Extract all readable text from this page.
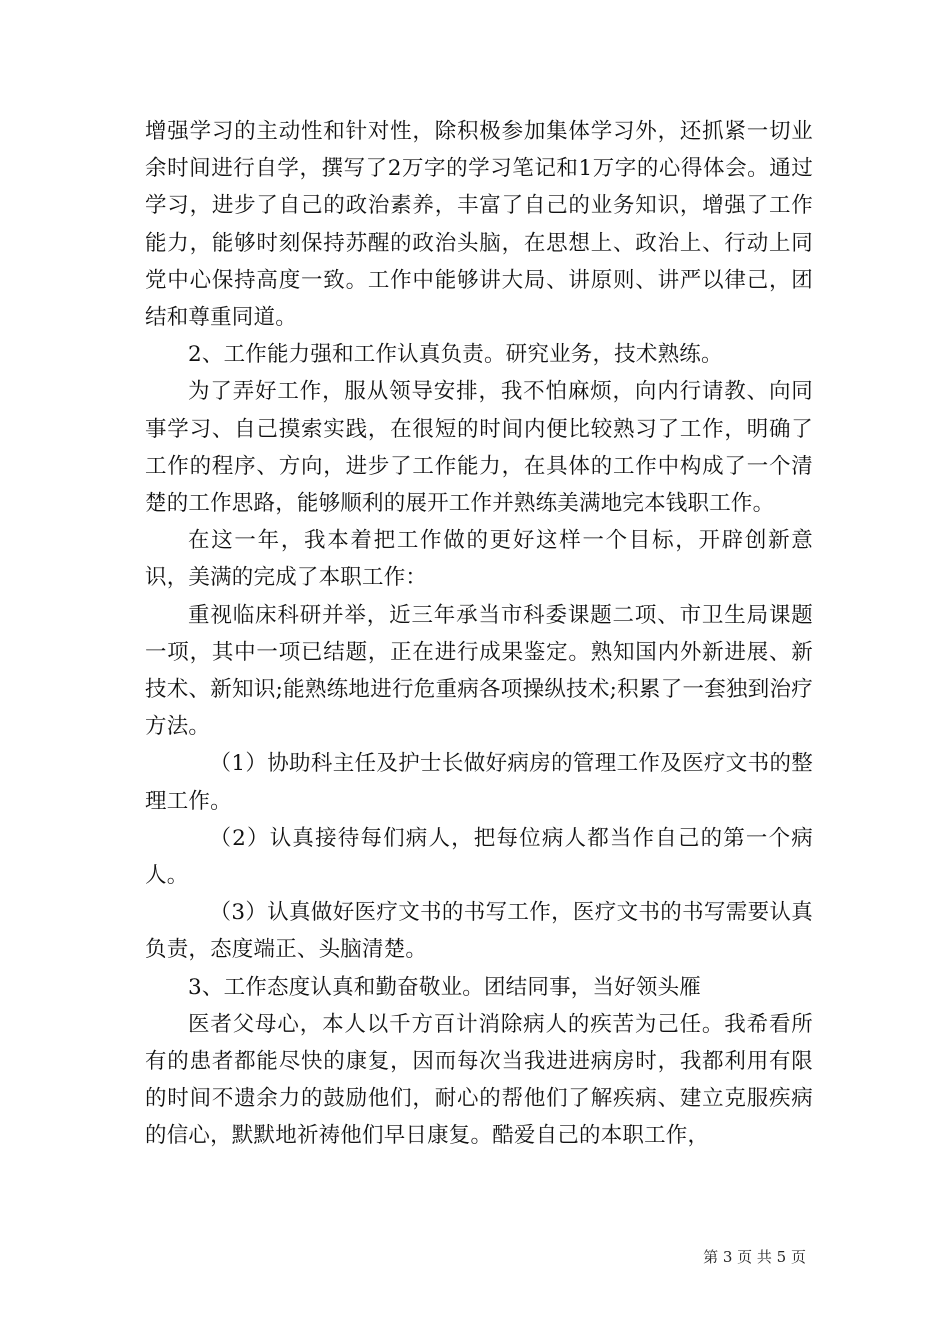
增强学习的主动性和针对性，除积极参加集体学习外，还抓紧一切业余时间进行自学，撰写了2万字的学习笔记和1万字的心得体会。通过学习，进步了自己的政治素养，丰富了自己的业务知识，增强了工作能力，能够时刻保持苏醒的政治头脑，在思想上、政治上、行动上同党中心保持高度一致。工作中能够讲大局、讲原则、讲严以律己，团结和尊重同道。

2、工作能力强和工作认真负责。研究业务，技术熟练。

为了弄好工作，服从领导安排，我不怕麻烦，向内行请教、向同事学习、自己摸索实践，在很短的时间内便比较熟习了工作，明确了工作的程序、方向，进步了工作能力，在具体的工作中构成了一个清楚的工作思路，能够顺利的展开工作并熟练美满地完本钱职工作。

在这一年，我本着把工作做的更好这样一个目标，开辟创新意识，美满的完成了本职工作：

重视临床科研并举，近三年承当市科委课题二项、市卫生局课题一项，其中一项已结题，正在进行成果鉴定。熟知国内外新进展、新技术、新知识;能熟练地进行危重病各项操纵技术;积累了一套独到治疗方法。

（1）协助科主任及护士长做好病房的管理工作及医疗文书的整理工作。

（2）认真接待每们病人，把每位病人都当作自己的第一个病人。

（3）认真做好医疗文书的书写工作，医疗文书的书写需要认真负责，态度端正、头脑清楚。

3、工作态度认真和勤奋敬业。团结同事，当好领头雁

医者父母心，本人以千方百计消除病人的疾苦为己任。我希看所有的患者都能尽快的康复，因而每次当我进进病房时，我都利用有限的时间不遗余力的鼓励他们，耐心的帮他们了解疾病、建立克服疾病的信心，默默地祈祷他们早日康复。酷爱自己的本职工作，

第 3 页 共 5 页
